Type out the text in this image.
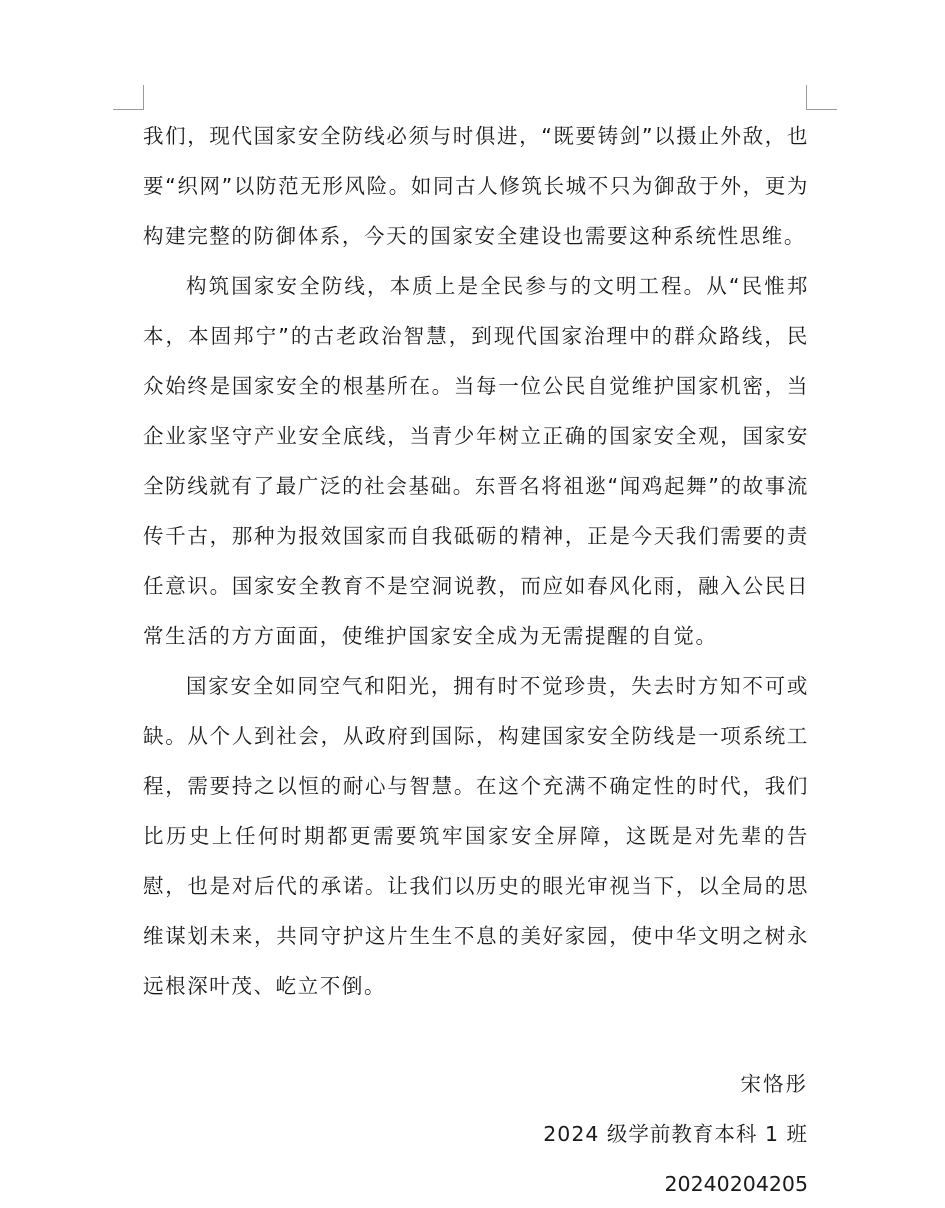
我们，现代国家安全防线必须与时俱进，“既要铸剑”以摄止外敌，也要“织网”以防范无形风险。如同古人修筑长城不只为御敌于外，更为构建完整的防御体系，今天的国家安全建设也需要这种系统性思维。

构筑国家安全防线，本质上是全民参与的文明工程。从“民惟邦本，本固邦宁”的古老政治智慧，到现代国家治理中的群众路线，民众始终是国家安全的根基所在。当每一位公民自觉维护国家机密，当企业家坚守产业安全底线，当青少年树立正确的国家安全观，国家安全防线就有了最广泛的社会基础。东晋名将祖逖“闻鸡起舞”的故事流传千古，那种为报效国家而自我砥砺的精神，正是今天我们需要的责任意识。国家安全教育不是空洞说教，而应如春风化雨，融入公民日常生活的方方面面，使维护国家安全成为无需提醒的自觉。

国家安全如同空气和阳光，拥有时不觉珍贵，失去时方知不可或缺。从个人到社会，从政府到国际，构建国家安全防线是一项系统工程，需要持之以恒的耐心与智慧。在这个充满不确定性的时代，我们比历史上任何时期都更需要筑牢国家安全屏障，这既是对先辈的告慰，也是对后代的承诺。让我们以历史的眼光审视当下，以全局的思维谋划未来，共同守护这片生生不息的美好家园，使中华文明之树永远根深叶茂、屹立不倒。

宋恪彤
2024 级学前教育本科 1 班
20240204205
